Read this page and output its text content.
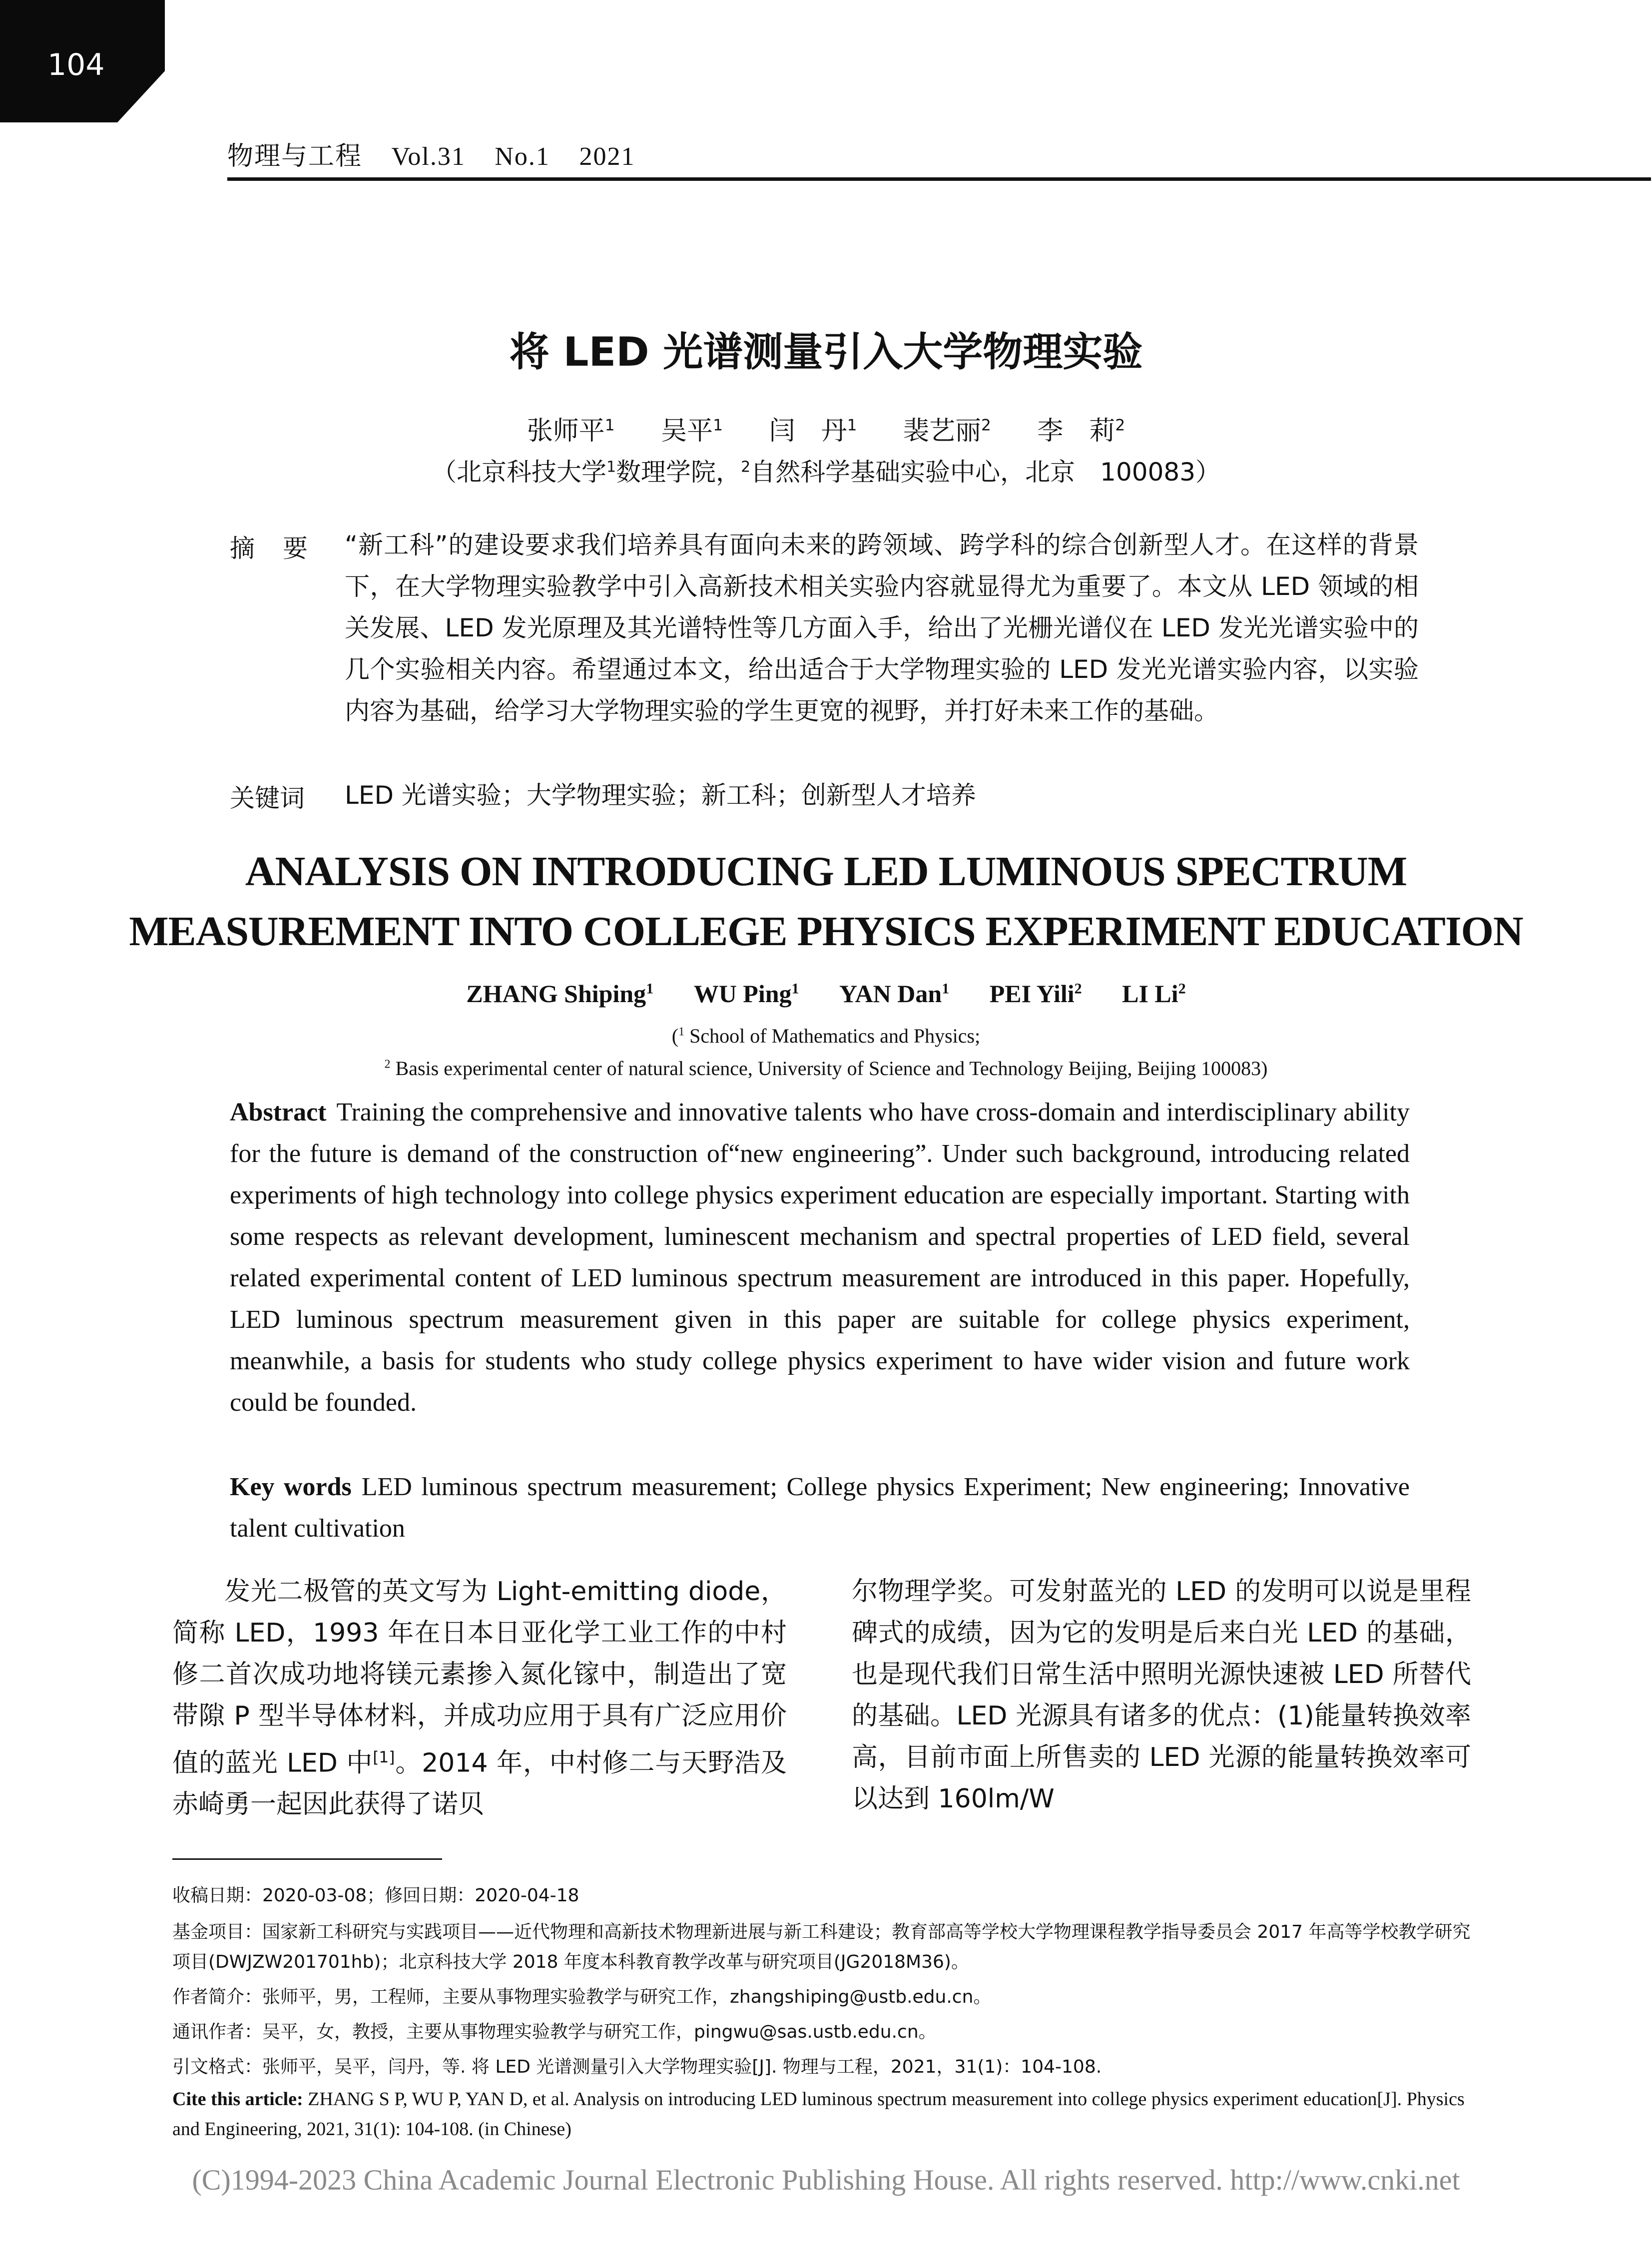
104
物理与工程 Vol.31 No.1 2021
将 LED 光谱测量引入大学物理实验
张师平$^1$ 吴平$^1$ 闫　丹$^1$ 裴艺丽$^2$ 李　莉$^2$
（北京科技大学$^1$数理学院，$^2$自然科学基础实验中心，北京　100083）
摘要 “新工科”的建设要求我们培养具有面向未来的跨领域、跨学科的综合创新型人才。在这样的背景下，在大学物理实验教学中引入高新技术相关实验内容就显得尤为重要了。本文从 LED 领域的相关发展、LED 发光原理及其光谱特性等几方面入手，给出了光栅光谱仪在 LED 发光光谱实验中的几个实验相关内容。希望通过本文，给出适合于大学物理实验的 LED 发光光谱实验内容，以实验内容为基础，给学习大学物理实验的学生更宽的视野，并打好未来工作的基础。
关键词 LED 光谱实验；大学物理实验；新工科；创新型人才培养
ANALYSIS ON INTRODUCING LED LUMINOUS SPECTRUM
MEASUREMENT INTO COLLEGE PHYSICS EXPERIMENT EDUCATION
ZHANG Shiping$^1$ WU Ping$^1$ YAN Dan$^1$ PEI Yili$^2$ LI Li$^2$
($^1$ School of Mathematics and Physics;
$^2$ Basis experimental center of natural science, University of Science and Technology Beijing, Beijing 100083)
Abstract Training the comprehensive and innovative talents who have cross-domain and interdisciplinary ability for the future is demand of the construction of“new engineering”. Under such background, introducing related experiments of high technology into college physics experiment education are especially important. Starting with some respects as relevant development, luminescent mechanism and spectral properties of LED field, several related experimental content of LED luminous spectrum measurement are introduced in this paper. Hopefully, LED luminous spectrum measurement given in this paper are suitable for college physics experiment, meanwhile, a basis for students who study college physics experiment to have wider vision and future work could be founded.
Key words LED luminous spectrum measurement; College physics Experiment; New engineering; Innovative talent cultivation
发光二极管的英文写为 Light-emitting diode，简称 LED，1993 年在日本日亚化学工业工作的中村修二首次成功地将镁元素掺入氮化镓中，制造出了宽带隙 P 型半导体材料，并成功应用于具有广泛应用价值的蓝光 LED 中[1]。2014 年，中村修二与天野浩及赤崎勇一起因此获得了诺贝
尔物理学奖。可发射蓝光的 LED 的发明可以说是里程碑式的成绩，因为它的发明是后来白光 LED 的基础，也是现代我们日常生活中照明光源快速被 LED 所替代的基础。LED 光源具有诸多的优点：(1)能量转换效率高，目前市面上所售卖的 LED 光源的能量转换效率可以达到 160lm/W
收稿日期：2020-03-08；修回日期：2020-04-18
基金项目：国家新工科研究与实践项目——近代物理和高新技术物理新进展与新工科建设；教育部高等学校大学物理课程教学指导委员会 2017 年高等学校教学研究项目(DWJZW201701hb)；北京科技大学 2018 年度本科教育教学改革与研究项目(JG2018M36)。
作者简介：张师平，男，工程师，主要从事物理实验教学与研究工作，zhangshiping@ustb.edu.cn。
通讯作者：吴平，女，教授，主要从事物理实验教学与研究工作，pingwu@sas.ustb.edu.cn。
引文格式：张师平，吴平，闫丹，等. 将 LED 光谱测量引入大学物理实验[J]. 物理与工程，2021，31(1)：104-108.
Cite this article: ZHANG S P, WU P, YAN D, et al. Analysis on introducing LED luminous spectrum measurement into college physics experiment education[J]. Physics and Engineering, 2021, 31(1): 104-108. (in Chinese)
(C)1994-2023 China Academic Journal Electronic Publishing House. All rights reserved. http://www.cnki.net
